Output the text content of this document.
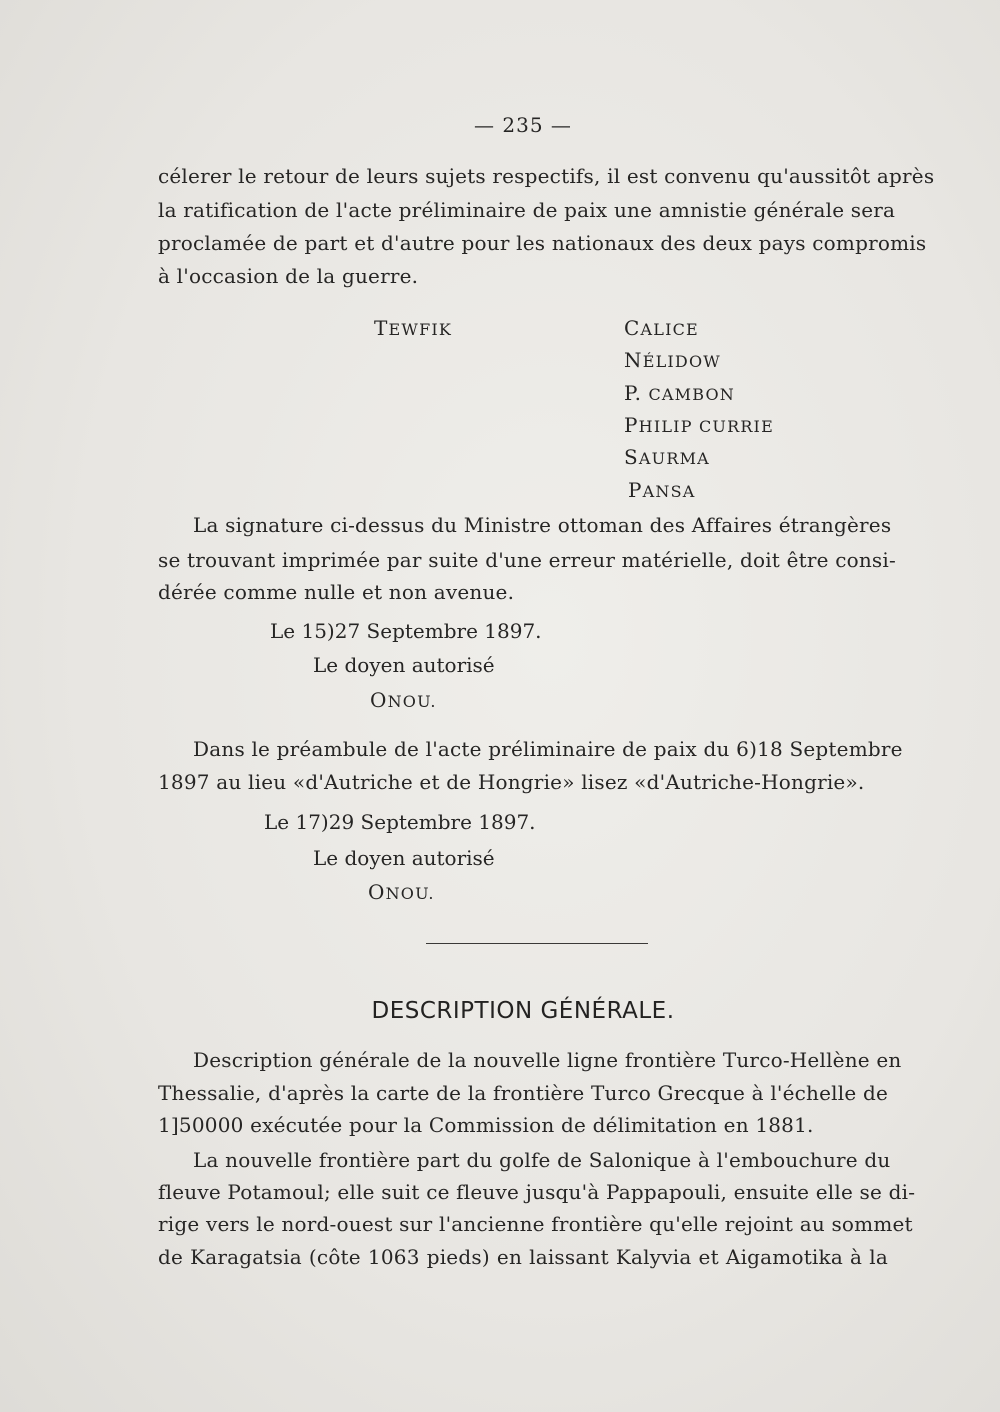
— 235 —
célerer le retour de leurs sujets respectifs, il est convenu qu'aussitôt après
la ratification de l'acte préliminaire de paix une amnistie générale sera
proclamée de part et d'autre pour les nationaux des deux pays compromis
à l'occasion de la guerre.
TEWFIK	CALICE
NÉLIDOW
P. CAMBON
PHILIP CURRIE
SAURMA
PANSA
La signature ci-dessus du Ministre ottoman des Affaires étrangères
se trouvant imprimée par suite d'une erreur matérielle, doit être consi-
dérée comme nulle et non avenue.
Le 15)27 Septembre 1897.
Le doyen autorisé
ONOU.
Dans le préambule de l'acte préliminaire de paix du 6)18 Septembre
1897 au lieu «d'Autriche et de Hongrie» lisez «d'Autriche-Hongrie».
Le 17)29 Septembre 1897.
Le doyen autorisé
ONOU.
DESCRIPTION GÉNÉRALE.
Description générale de la nouvelle ligne frontière Turco-Hellène en
Thessalie, d'après la carte de la frontière Turco Grecque à l'échelle de
1]50000 exécutée pour la Commission de délimitation en 1881.
La nouvelle frontière part du golfe de Salonique à l'embouchure du
fleuve Potamoul; elle suit ce fleuve jusqu'à Pappapouli, ensuite elle se di-
rige vers le nord-ouest sur l'ancienne frontière qu'elle rejoint au sommet
de Karagatsia (côte 1063 pieds) en laissant Kalyvia et Aigamotika à la
